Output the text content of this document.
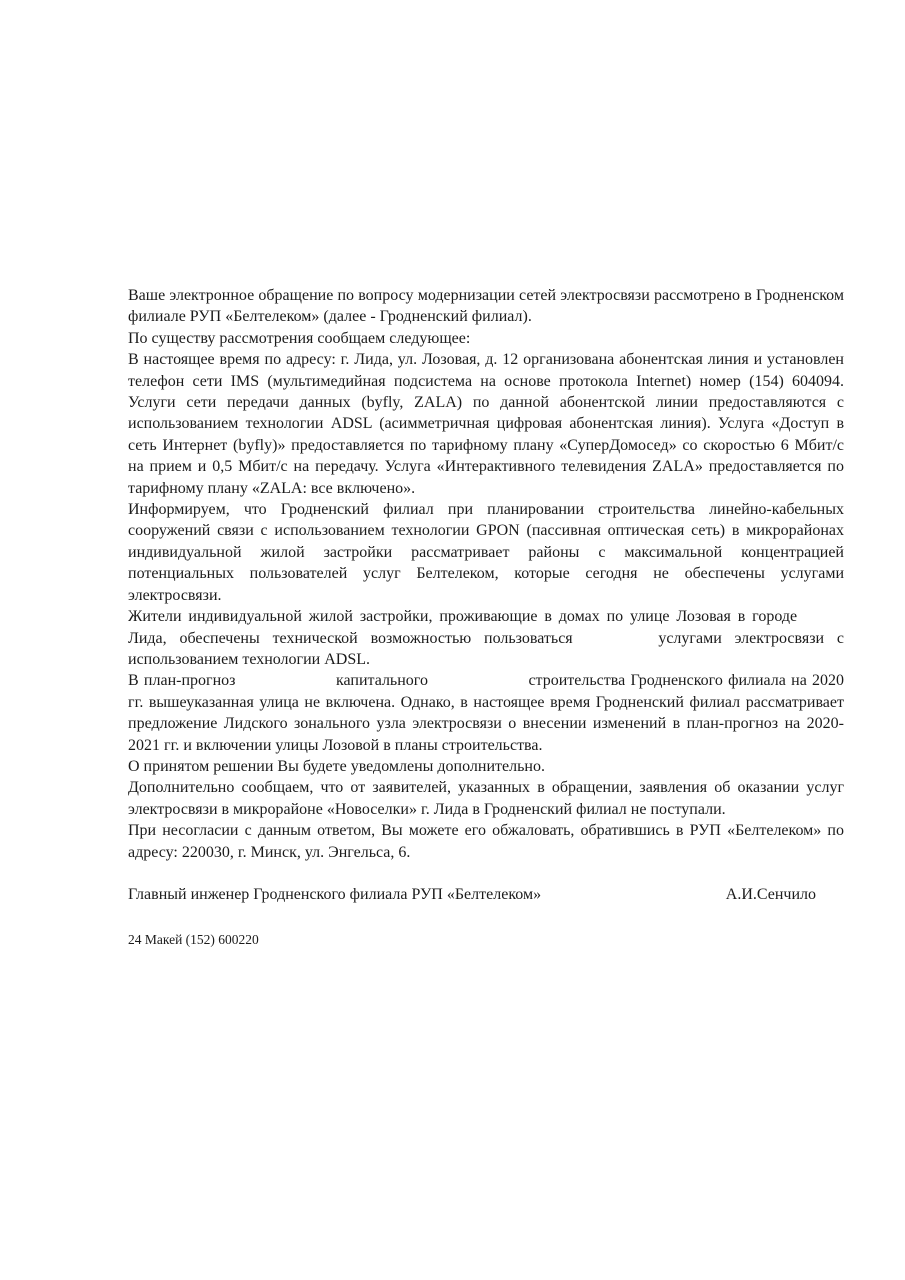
Ваше электронное обращение по вопросу модернизации сетей электросвязи рассмотрено в Гродненском филиале РУП «Белтелеком» (далее - Гродненский филиал).

По существу рассмотрения сообщаем следующее:

В настоящее время по адресу: г. Лида, ул. Лозовая, д. 12 организована абонентская линия и установлен телефон сети IMS (мультимедийная подсистема на основе протокола Internet) номер (154) 604094. Услуги сети передачи данных (byfly, ZALA) по данной абонентской линии предоставляются с использованием технологии ADSL (асимметричная цифровая абонентская линия). Услуга «Доступ в сеть Интернет (byfly)» предоставляется по тарифному плану «СуперДомосед» со скоростью 6 Мбит/с на прием и 0,5 Мбит/с на передачу. Услуга «Интерактивного телевидения ZALA» предоставляется по тарифному плану «ZALA: все включено».

Информируем, что Гродненский филиал при планировании строительства линейно-кабельных сооружений связи с использованием технологии GPON (пассивная оптическая сеть) в микрорайонах индивидуальной жилой застройки рассматривает районы с максимальной концентрацией потенциальных пользователей услуг Белтелеком, которые сегодня не обеспечены услугами электросвязи.

Жители индивидуальной жилой застройки, проживающие в домах по улице Лозовая в городе  Лида, обеспечены технической возможностью пользоваться	услугами электросвязи с использованием технологии ADSL.

В план-прогноз	капитального	строительства Гродненского филиала на 2020 гг. вышеуказанная улица не включена. Однако, в настоящее время Гродненский филиал рассматривает предложение Лидского зонального узла электросвязи о внесении изменений в план-прогноз на 2020-2021 гг. и включении улицы Лозовой в планы строительства.

О принятом решении Вы будете уведомлены дополнительно.

Дополнительно сообщаем, что от заявителей, указанных в обращении, заявления об оказании услуг электросвязи в микрорайоне «Новоселки» г. Лида в Гродненский филиал не поступали.

При несогласии с данным ответом, Вы можете его обжаловать, обратившись в РУП «Белтелеком» по адресу: 220030, г. Минск, ул. Энгельса, 6.

Главный инженер Гродненского филиала РУП «Белтелеком»	А.И.Сенчило
24 Макей (152) 600220
